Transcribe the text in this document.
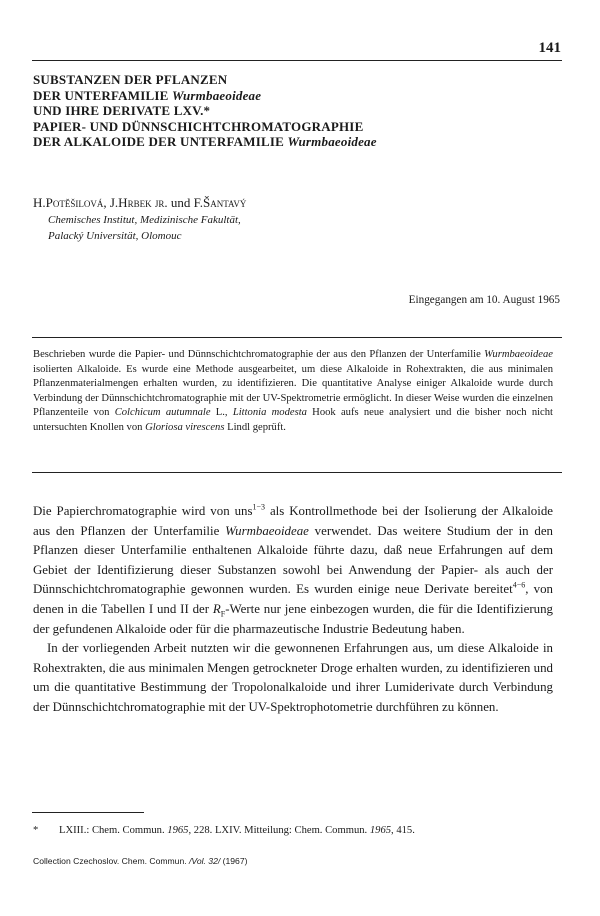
141
SUBSTANZEN DER PFLANZEN
DER UNTERFAMILIE Wurmbaeoideae
UND IHRE DERIVATE LXV.*
PAPIER- UND DÜNNSCHICHTCHROMATOGRAPHIE
DER ALKALOIDE DER UNTERFAMILIE Wurmbaeoideae
H.Potěšilová, J.Hrbek jr. und F.Šantavý
Chemisches Institut, Medizinische Fakultät,
Palacký Universität, Olomouc
Eingegangen am 10. August 1965

Beschrieben wurde die Papier- und Dünnschichtchromatographie der aus den Pflanzen der Unterfamilie Wurmbaeoideae isolierten Alkaloide. Es wurde eine Methode ausgearbeitet, um diese Alkaloide in Rohextrakten, die aus minimalen Pflanzenmaterialmengen erhalten wurden, zu identifizieren. Die quantitative Analyse einiger Alkaloide wurde durch Verbindung der Dünnschichtchromatographie mit der UV-Spektrometrie ermöglicht. In dieser Weise wurden die einzelnen Pflanzenteile von Colchicum autumnale L., Littonia modesta Hook aufs neue analysiert und die bisher noch nicht untersuchten Knollen von Gloriosa virescens Lindl geprüft.

Die Papierchromatographie wird von uns$^{1-3}$ als Kontrollmethode bei der Isolierung der Alkaloide aus den Pflanzen der Unterfamilie Wurmbaeoideae verwendet. Das weitere Studium der in den Pflanzen dieser Unterfamilie enthaltenen Alkaloide führte dazu, daß neue Erfahrungen auf dem Gebiet der Identifizierung dieser Substanzen sowohl bei Anwendung der Papier- als auch der Dünnschichtchromatographie gewonnen wurden. Es wurden einige neue Derivate bereitet$^{4-6}$, von denen in die Tabellen I und II der $R_F$-Werte nur jene einbezogen wurden, die für die Identifizierung der gefundenen Alkaloide oder für die pharmazeutische Industrie Bedeutung haben.

In der vorliegenden Arbeit nutzten wir die gewonnenen Erfahrungen aus, um diese Alkaloide in Rohextrakten, die aus minimalen Mengen getrockneter Droge erhalten wurden, zu identifizieren und um die quantitative Bestimmung der Tropolonalkaloide und ihrer Lumiderivate durch Verbindung der Dünnschichtchromatographie mit der UV-Spektrophotometrie durchführen zu können.

* LXIII.: Chem. Commun. 1965, 228. LXIV. Mitteilung: Chem. Commun. 1965, 415.
Collection Czechoslov. Chem. Commun. /Vol. 32/ (1967)
